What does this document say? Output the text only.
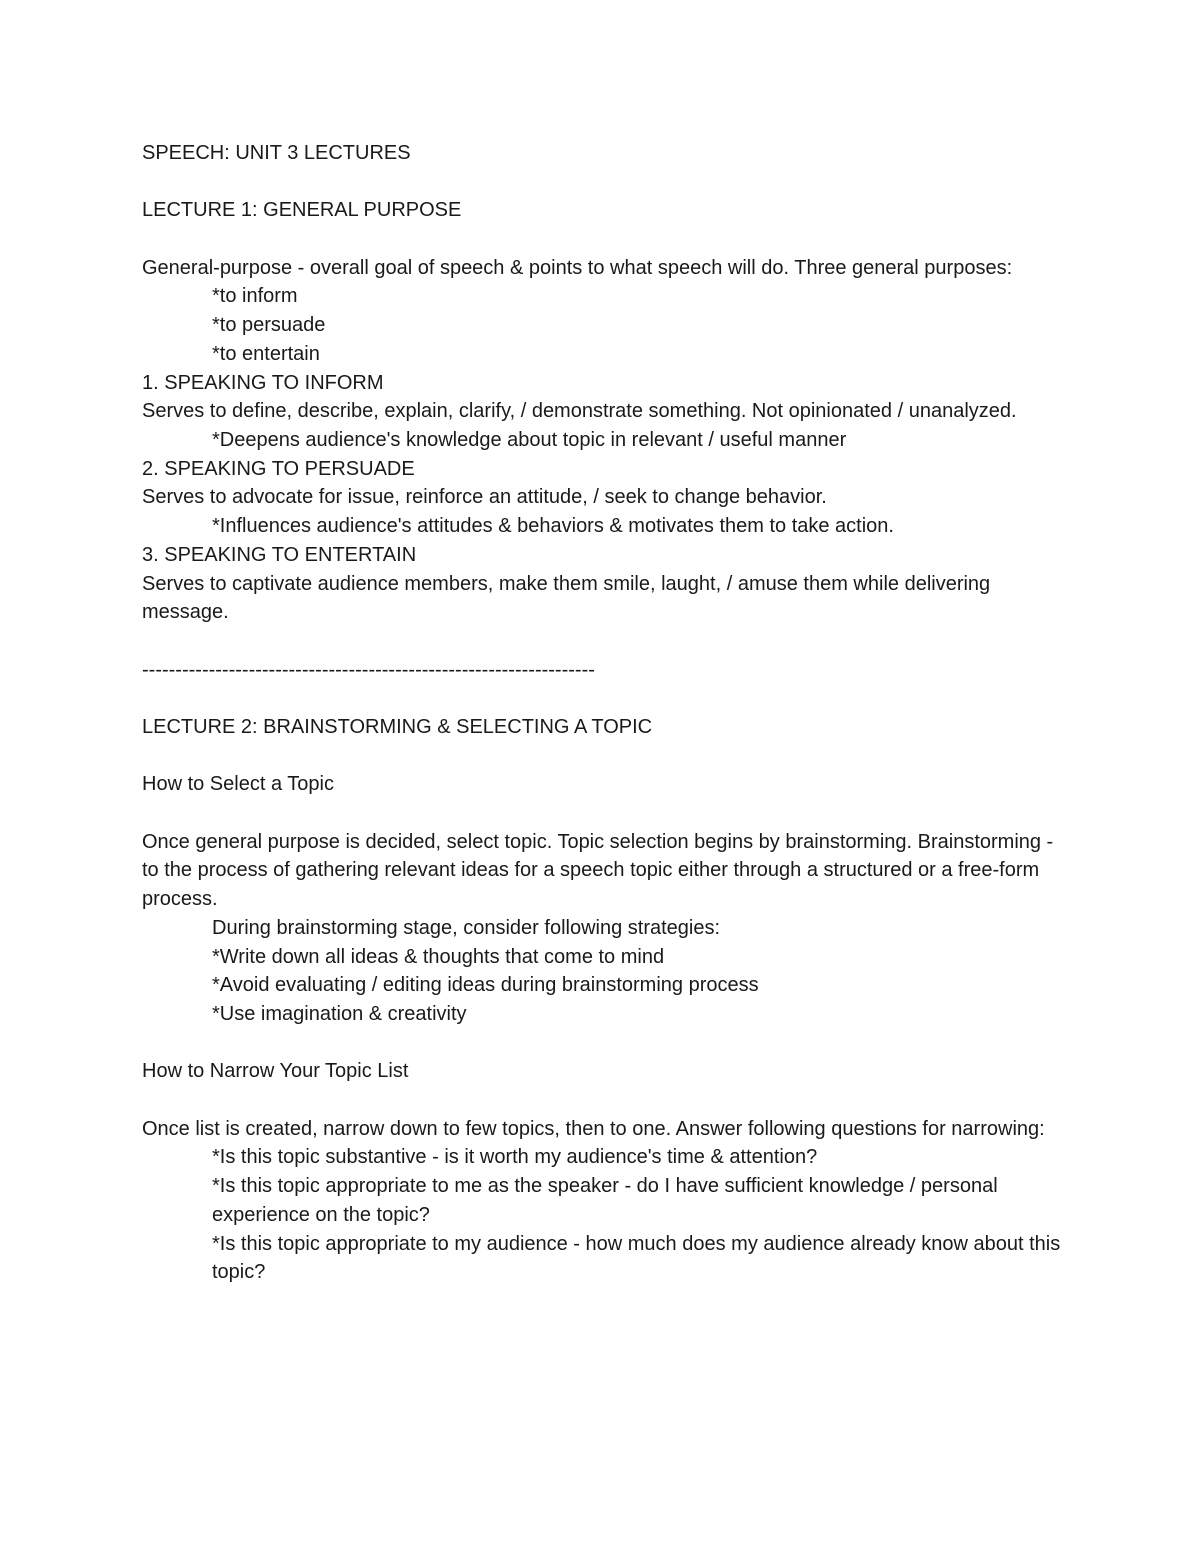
SPEECH: UNIT 3 LECTURES

LECTURE 1: GENERAL PURPOSE

General-purpose - overall goal of speech & points to what speech will do. Three general purposes:

*to inform

*to persuade

*to entertain

1. SPEAKING TO INFORM

Serves to define, describe, explain, clarify, / demonstrate something. Not opinionated / unanalyzed.

*Deepens audience's knowledge about topic in relevant / useful manner

2. SPEAKING TO PERSUADE

Serves to advocate for issue, reinforce an attitude, / seek to change behavior.

*Influences audience's attitudes & behaviors & motivates them to take action.

3. SPEAKING TO ENTERTAIN

Serves to captivate audience members, make them smile, laught, / amuse them while delivering message.

--------------------------------------------------------------------

LECTURE 2: BRAINSTORMING & SELECTING A TOPIC

How to Select a Topic

Once general purpose is decided, select topic. Topic selection begins by brainstorming. Brainstorming - to the process of gathering relevant ideas for a speech topic either through a structured or a free-form process.

During brainstorming stage, consider following strategies:

*Write down all ideas & thoughts that come to mind

*Avoid evaluating / editing ideas during brainstorming process

*Use imagination & creativity

How to Narrow Your Topic List

Once list is created, narrow down to few topics, then to one. Answer following questions for narrowing:

*Is this topic substantive - is it worth my audience's time & attention?

*Is this topic appropriate to me as the speaker - do I have sufficient knowledge / personal experience on the topic?

*Is this topic appropriate to my audience - how much does my audience already know about this topic?
